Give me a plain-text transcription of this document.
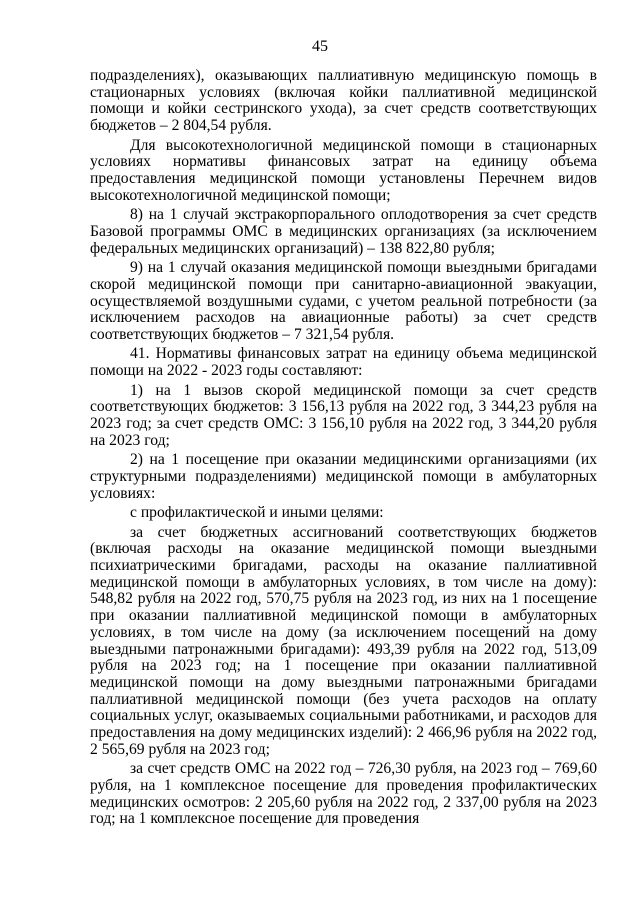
45

подразделениях), оказывающих паллиативную медицинскую помощь в стационарных условиях (включая койки паллиативной медицинской помощи и койки сестринского ухода), за счет средств соответствующих бюджетов – 2 804,54 рубля.

Для высокотехнологичной медицинской помощи в стационарных условиях нормативы финансовых затрат на единицу объема предоставления медицинской помощи установлены Перечнем видов высокотехнологичной медицинской помощи;

8) на 1 случай экстракорпорального оплодотворения за счет средств Базовой программы ОМС в медицинских организациях (за исключением федеральных медицинских организаций) – 138 822,80 рубля;

9) на 1 случай оказания медицинской помощи выездными бригадами скорой медицинской помощи при санитарно-авиационной эвакуации, осуществляемой воздушными судами, с учетом реальной потребности (за исключением расходов на авиационные работы) за счет средств соответствующих бюджетов – 7 321,54 рубля.

41. Нормативы финансовых затрат на единицу объема медицинской помощи на 2022 - 2023 годы составляют:

1) на 1 вызов скорой медицинской помощи за счет средств соответствующих бюджетов: 3 156,13 рубля на 2022 год, 3 344,23 рубля на 2023 год; за счет средств ОМС: 3 156,10 рубля на 2022 год, 3 344,20 рубля на 2023 год;

2) на 1 посещение при оказании медицинскими организациями (их структурными подразделениями) медицинской помощи в амбулаторных условиях:

с профилактической и иными целями:

за счет бюджетных ассигнований соответствующих бюджетов (включая расходы на оказание медицинской помощи выездными психиатрическими бригадами, расходы на оказание паллиативной медицинской помощи в амбулаторных условиях, в том числе на дому): 548,82 рубля на 2022 год, 570,75 рубля на 2023 год, из них на 1 посещение при оказании паллиативной медицинской помощи в амбулаторных условиях, в том числе на дому (за исключением посещений на дому выездными патронажными бригадами): 493,39 рубля на 2022 год, 513,09 рубля на 2023 год; на 1 посещение при оказании паллиативной медицинской помощи на дому выездными патронажными бригадами паллиативной медицинской помощи (без учета расходов на оплату социальных услуг, оказываемых социальными работниками, и расходов для предоставления на дому медицинских изделий): 2 466,96 рубля на 2022 год, 2 565,69 рубля на 2023 год;

за счет средств ОМС на 2022 год – 726,30 рубля, на 2023 год – 769,60 рубля, на 1 комплексное посещение для проведения профилактических медицинских осмотров: 2 205,60 рубля на 2022 год, 2 337,00 рубля на 2023 год; на 1 комплексное посещение для проведения
